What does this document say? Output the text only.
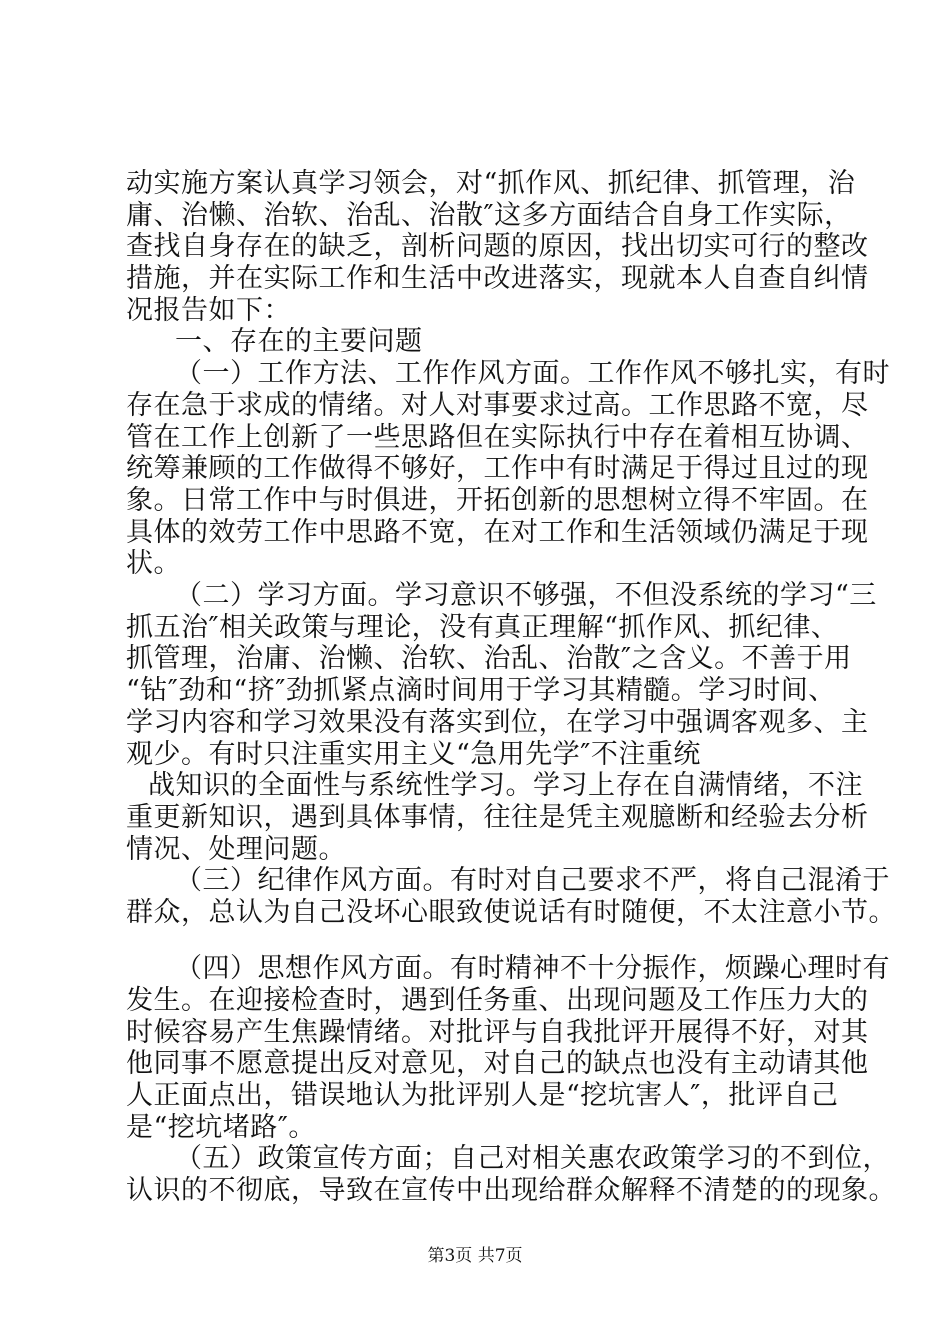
动实施方案认真学习领会，对“抓作风、抓纪律、抓管理，治
庸、治懒、治软、治乱、治散″这多方面结合自身工作实际，
查找自身存在的缺乏，剖析问题的原因，找出切实可行的整改
措施，并在实际工作和生活中改进落实，现就本人自查自纠情
况报告如下：
一、存在的主要问题
（一）工作方法、工作作风方面。工作作风不够扎实，有时
存在急于求成的情绪。对人对事要求过高。工作思路不宽，尽
管在工作上创新了一些思路但在实际执行中存在着相互协调、
统筹兼顾的工作做得不够好，工作中有时满足于得过且过的现
象。日常工作中与时俱进，开拓创新的思想树立得不牢固。在
具体的效劳工作中思路不宽，在对工作和生活领域仍满足于现
状。
（二）学习方面。学习意识不够强，不但没系统的学习“三
抓五治″相关政策与理论，没有真正理解“抓作风、抓纪律、
抓管理，治庸、治懒、治软、治乱、治散″之含义。不善于用
“钻″劲和“挤″劲抓紧点滴时间用于学习其精髓。学习时间、
学习内容和学习效果没有落实到位，在学习中强调客观多、主
观少。有时只注重实用主义“急用先学″不注重统
战知识的全面性与系统性学习。学习上存在自满情绪，不注
重更新知识，遇到具体事情，往往是凭主观臆断和经验去分析
情况、处理问题。
（三）纪律作风方面。有时对自己要求不严，将自己混淆于
群众，总认为自己没坏心眼致使说话有时随便，不太注意小节。
（四）思想作风方面。有时精神不十分振作，烦躁心理时有
发生。在迎接检查时，遇到任务重、出现问题及工作压力大的
时候容易产生焦躁情绪。对批评与自我批评开展得不好，对其
他同事不愿意提出反对意见，对自己的缺点也没有主动请其他
人正面点出，错误地认为批评别人是“挖坑害人″，批评自己
是“挖坑堵路″。
（五）政策宣传方面；自己对相关惠农政策学习的不到位，
认识的不彻底，导致在宣传中出现给群众解释不清楚的的现象。
第3页 共7页
